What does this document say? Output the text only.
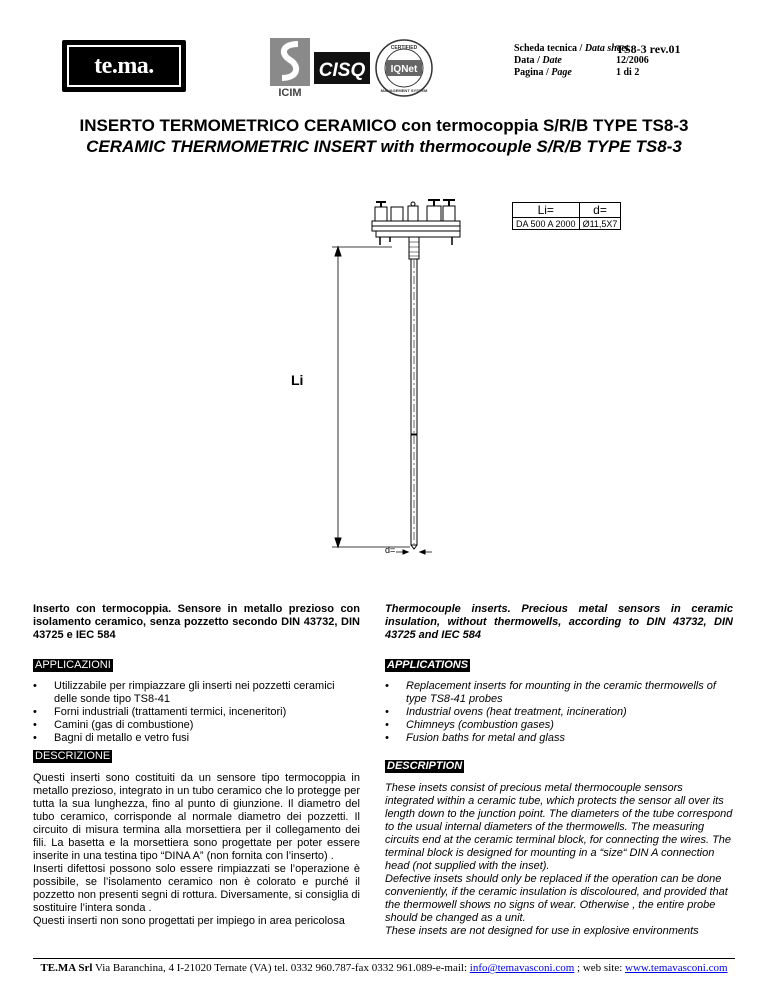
te.ma.
ICIM
CISQ	IQNet
CERTIFIED
MANAGEMENT SYSTEM
Scheda tecnica / Data sheet
Data / Date
Pagina / Page
TS8-3 rev.01
12/2006
1 di 2
INSERTO TERMOMETRICO CERAMICO con termocoppia S/R/B TYPE TS8-3
CERAMIC THERMOMETRIC INSERT with thermocouple S/R/B TYPE TS8-3
Li=	d=
DA 500 A 2000	Ø11,5X7
Li
d=
Inserto con termocoppia. Sensore in metallo prezioso con isolamento ceramico, senza pozzetto secondo DIN 43732, DIN 43725 e IEC 584
Thermocouple inserts. Precious metal sensors in ceramic insulation, without thermowells, according to DIN 43732, DIN 43725 and IEC 584
APPLICAZIONI
• Utilizzabile per rimpiazzare gli inserti nei pozzetti ceramici delle sonde tipo TS8-41
• Forni industriali (trattamenti termici, inceneritori)
• Camini (gas di combustione)
• Bagni di metallo e vetro fusi
APPLICATIONS
• Replacement inserts for mounting in the ceramic thermowells of type TS8-41 probes
• Industrial ovens (heat treatment, incineration)
• Chimneys (combustion gases)
• Fusion baths for metal and glass
DESCRIZIONE

Questi inserti sono costituiti da un sensore tipo termocoppia in metallo prezioso, integrato in un tubo ceramico che lo protegge per tutta la sua lunghezza, fino al punto di giunzione. Il diametro del tubo ceramico, corrisponde al normale diametro dei pozzetti. Il circuito di misura termina alla morsettiera per il collegamento dei fili. La basetta e la morsettiera sono progettate per poter essere inserite in una testina tipo “DINA A” (non fornita con l’inserto) .

Inserti difettosi possono solo essere rimpiazzati se l’operazione è possibile, se l’isolamento ceramico non è colorato e purché il pozzetto non presenti segni di rottura. Diversamente, si consiglia di sostituire l’intera sonda .

Questi inserti non sono progettati per impiego in area pericolosa

DESCRIPTION

These insets consist of precious metal thermocouple sensors integrated within a ceramic tube, which protects the sensor all over its length down to the junction point. The diameters of the tube correspond to the usual internal diameters of the thermowells. The measuring circuits end at the ceramic terminal block, for connecting the wires. The terminal block is designed for mounting in a “size“ DIN A connection head (not supplied with the inset).

Defective insets should only be replaced if the operation can be done conveniently, if the ceramic insulation is discoloured, and provided that the thermowell shows no signs of wear. Otherwise , the entire probe should be changed as a unit.

These insets are not designed for use in explosive environments

TE.MA Srl Via Baranchina, 4 I-21020 Ternate (VA) tel. 0332 960.787-fax 0332 961.089-e-mail: info@temavasconi.com ; web site: www.temavasconi.com
